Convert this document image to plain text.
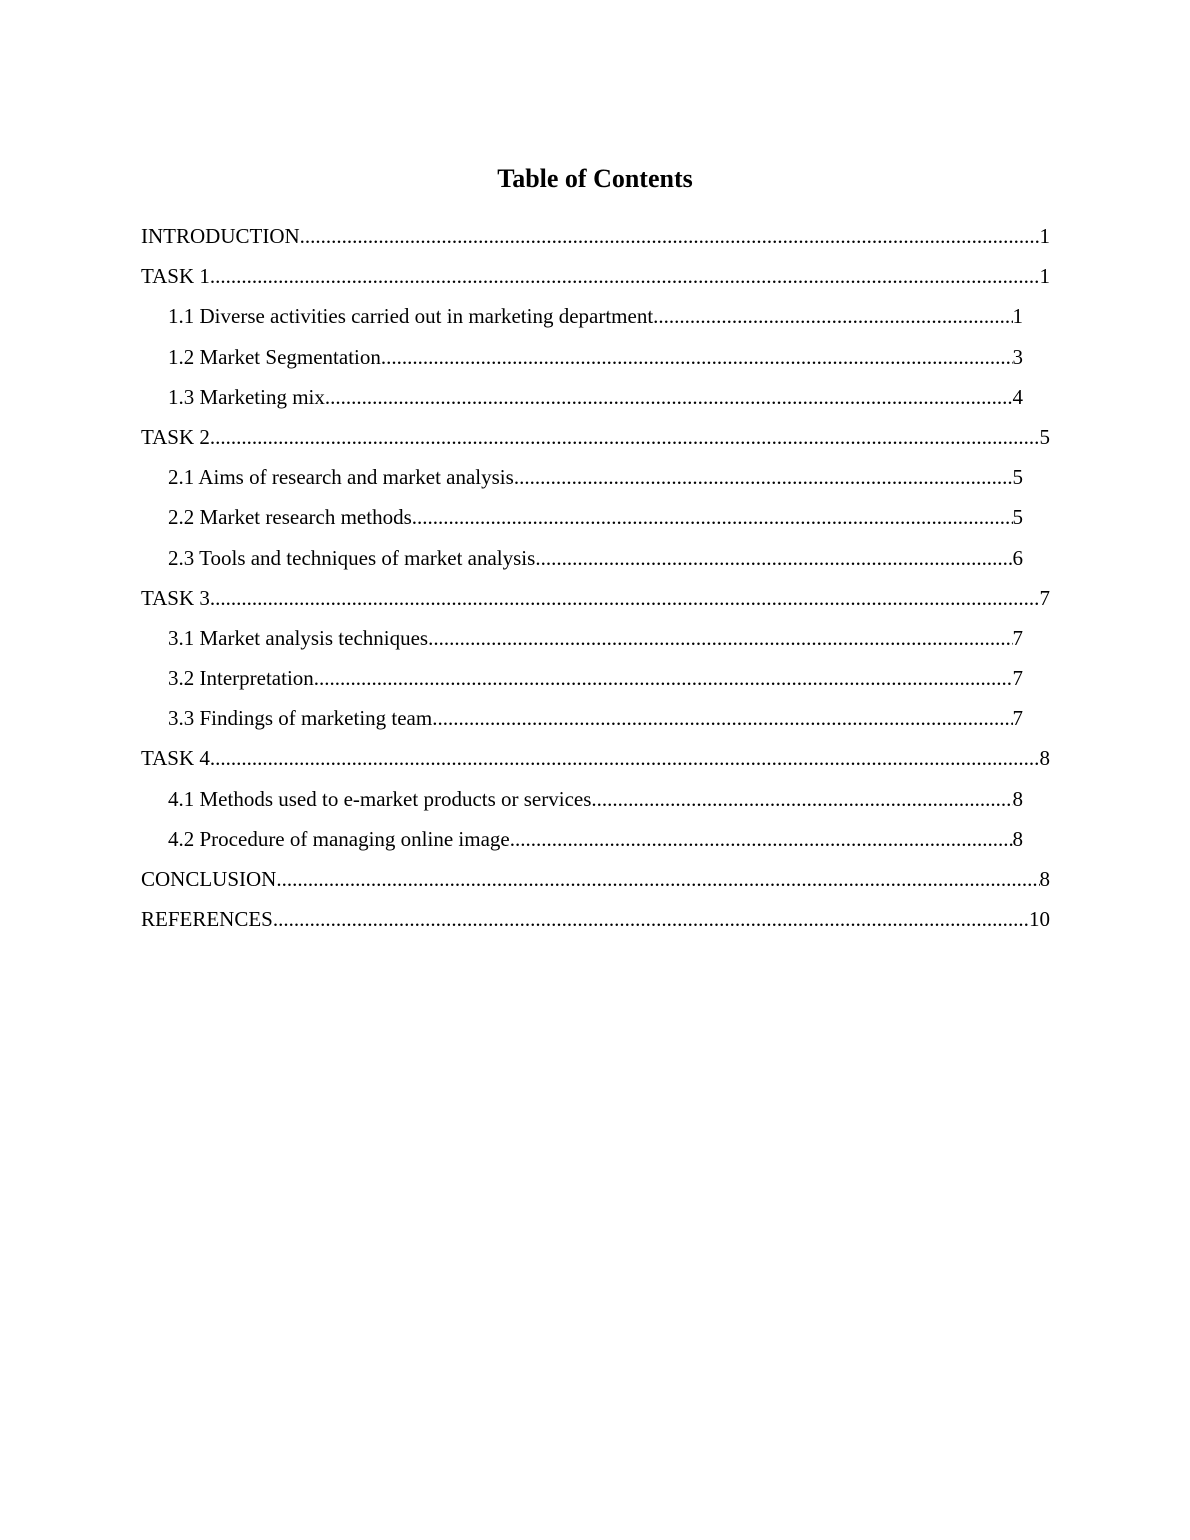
Table of Contents
INTRODUCTION .....	1
TASK 1 .....	1
1.1 Diverse activities carried out in marketing department .....	1
1.2 Market Segmentation .....	3
1.3 Marketing mix .....	4
TASK 2 .....	5
2.1 Aims of research and market analysis .....	5
2.2 Market research methods .....	5
2.3 Tools and techniques of market analysis .....	6
TASK 3 .....	7
3.1 Market analysis techniques .....	7
3.2 Interpretation .....	7
3.3 Findings of marketing team .....	7
TASK 4 .....	8
4.1 Methods used to e-market products or services .....	8
4.2 Procedure of managing online image .....	8
CONCLUSION .....	8
REFERENCES .....	10
